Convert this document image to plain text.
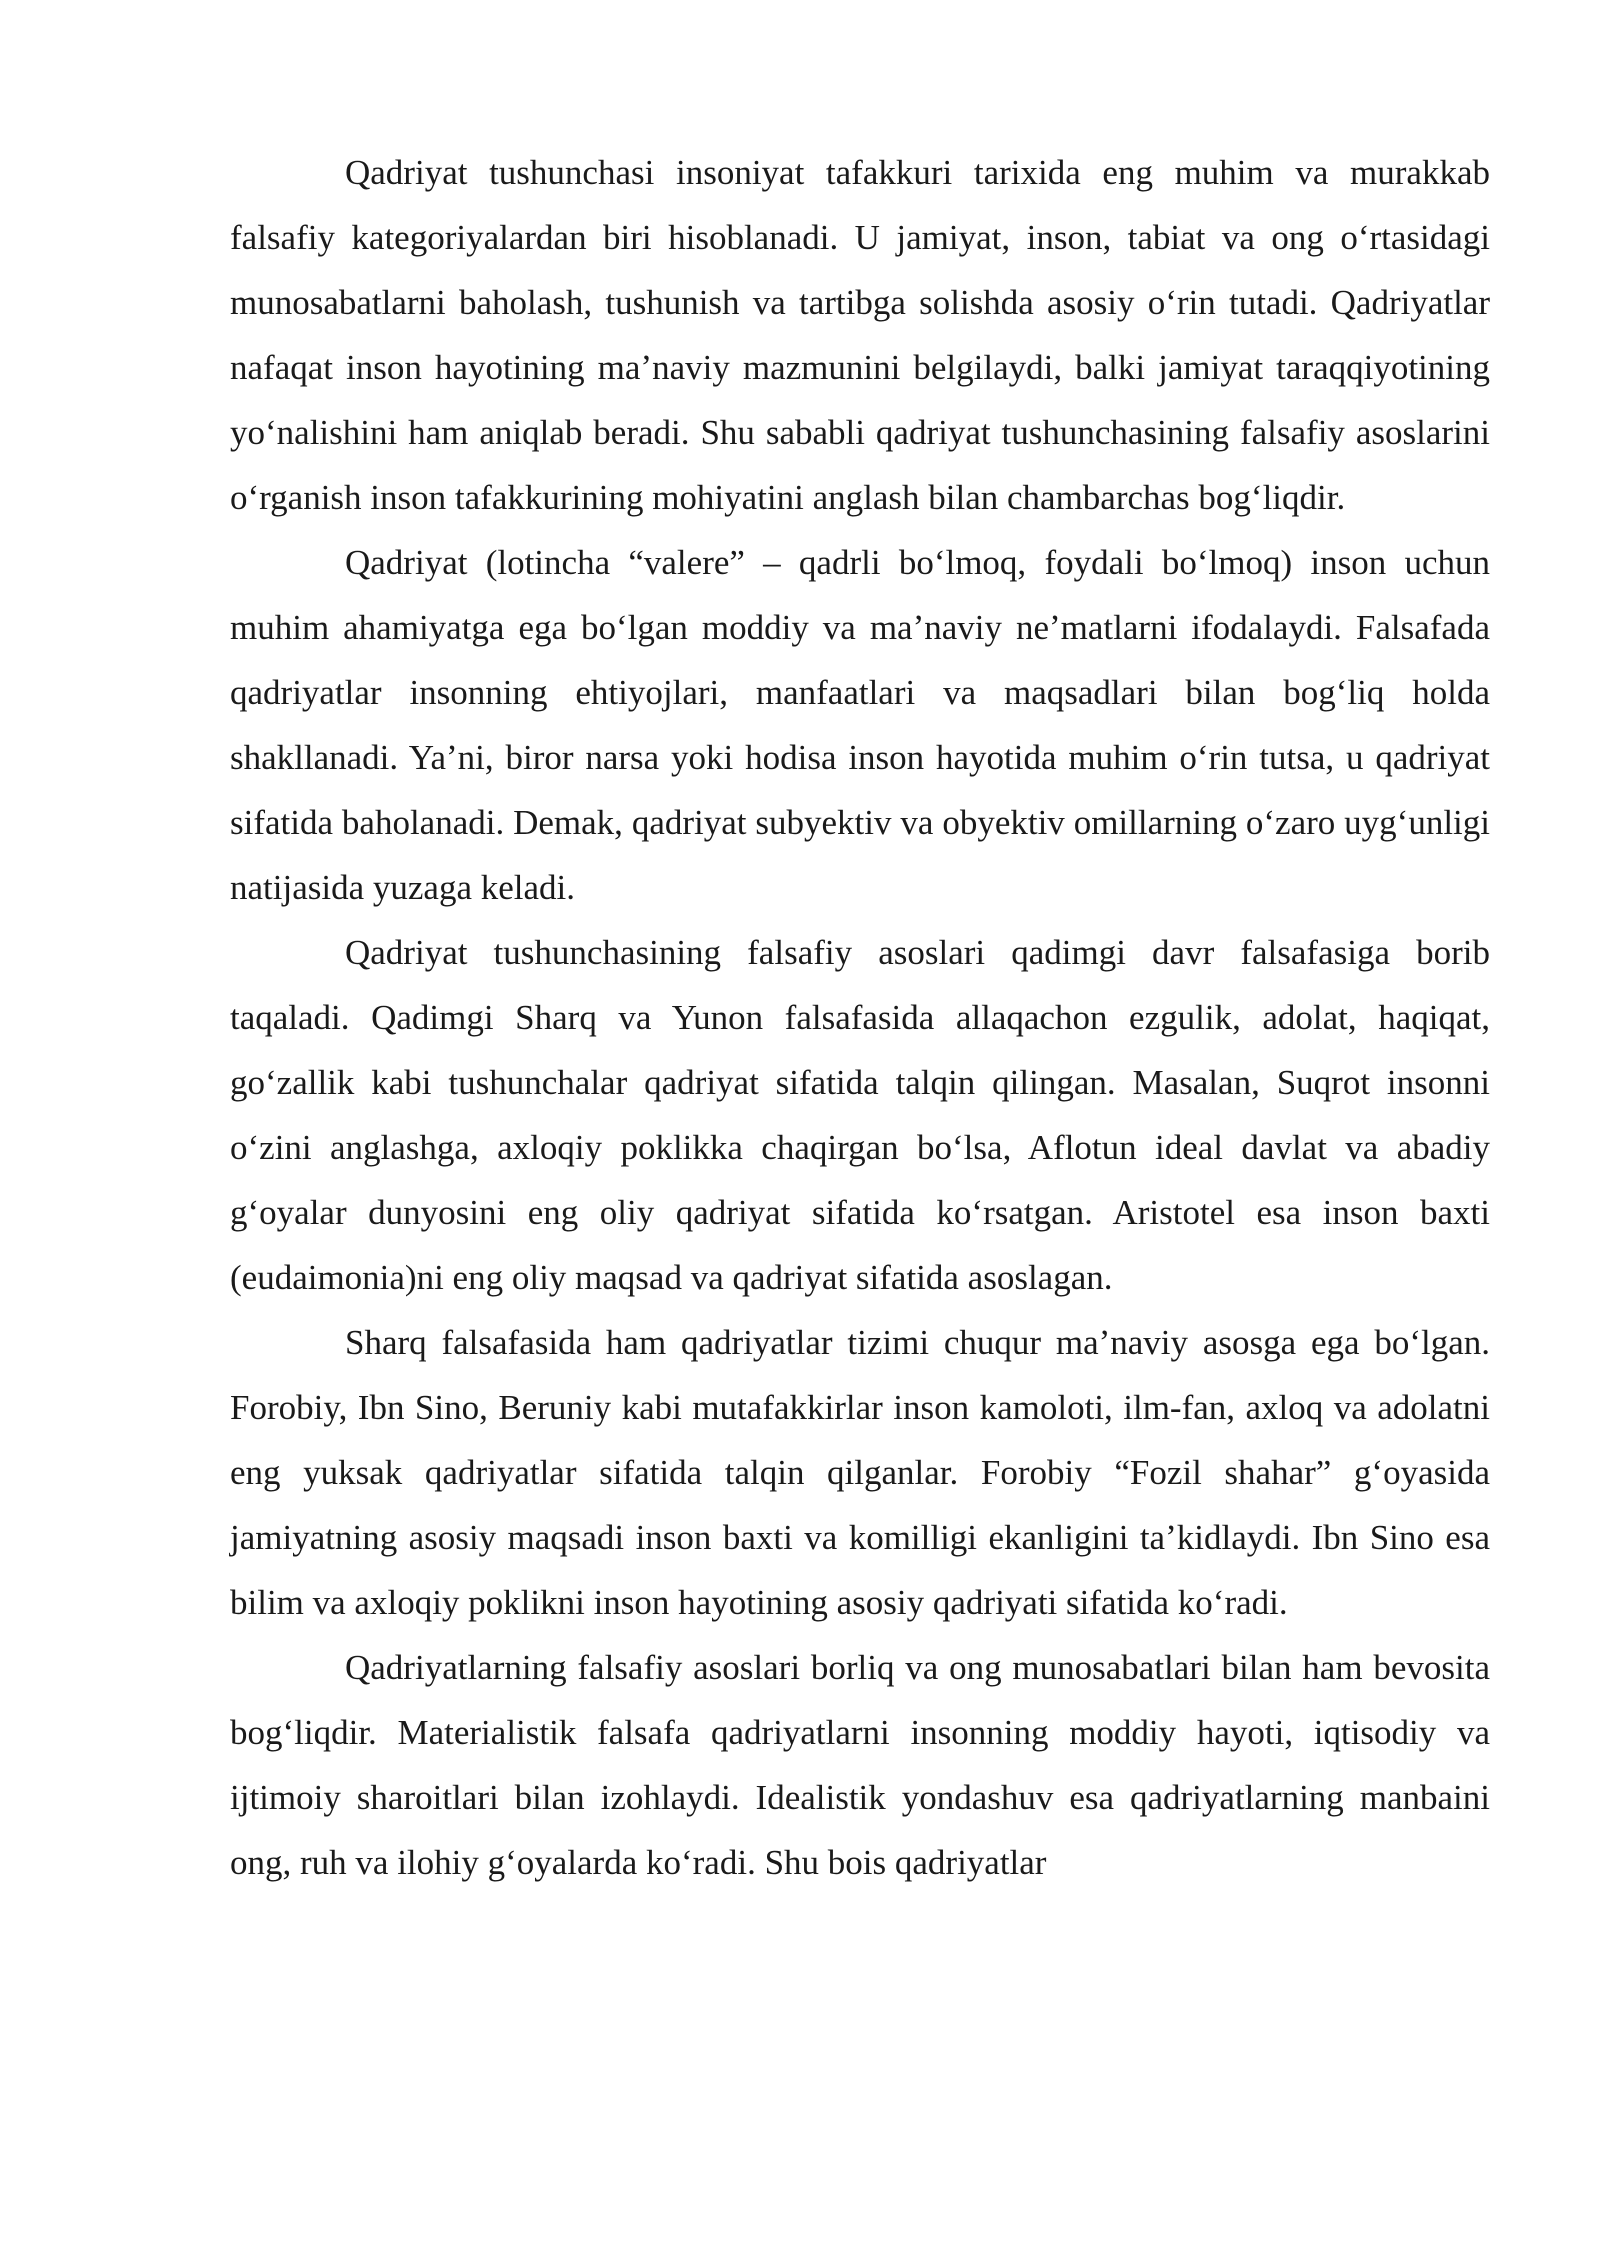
Qadriyat tushunchasi insoniyat tafakkuri tarixida eng muhim va murakkab falsafiy kategoriyalardan biri hisoblanadi. U jamiyat, inson, tabiat va ong oʻrtasidagi munosabatlarni baholash, tushunish va tartibga solishda asosiy oʻrin tutadi. Qadriyatlar nafaqat inson hayotining maʼnaviy mazmunini belgilaydi, balki jamiyat taraqqiyotining yoʻnalishini ham aniqlab beradi. Shu sababli qadriyat tushunchasining falsafiy asoslarini oʻrganish inson tafakkurining mohiyatini anglash bilan chambarchas bogʻliqdir.

Qadriyat (lotincha “valere” – qadrli boʻlmoq, foydali boʻlmoq) inson uchun muhim ahamiyatga ega boʻlgan moddiy va maʼnaviy neʼmatlarni ifodalaydi. Falsafada qadriyatlar insonning ehtiyojlari, manfaatlari va maqsadlari bilan bogʻliq holda shakllanadi. Yaʼni, biror narsa yoki hodisa inson hayotida muhim oʻrin tutsa, u qadriyat sifatida baholanadi. Demak, qadriyat subyektiv va obyektiv omillarning oʻzaro uygʻunligi natijasida yuzaga keladi.

Qadriyat tushunchasining falsafiy asoslari qadimgi davr falsafasiga borib taqaladi. Qadimgi Sharq va Yunon falsafasida allaqachon ezgulik, adolat, haqiqat, goʻzallik kabi tushunchalar qadriyat sifatida talqin qilingan. Masalan, Suqrot insonni oʻzini anglashga, axloqiy poklikka chaqirgan boʻlsa, Aflotun ideal davlat va abadiy gʻoyalar dunyosini eng oliy qadriyat sifatida koʻrsatgan. Aristotel esa inson baxti (eudaimonia)ni eng oliy maqsad va qadriyat sifatida asoslagan.

Sharq falsafasida ham qadriyatlar tizimi chuqur maʼnaviy asosga ega boʻlgan. Forobiy, Ibn Sino, Beruniy kabi mutafakkirlar inson kamoloti, ilm-fan, axloq va adolatni eng yuksak qadriyatlar sifatida talqin qilganlar. Forobiy “Fozil shahar” gʻoyasida jamiyatning asosiy maqsadi inson baxti va komilligi ekanligini taʼkidlaydi. Ibn Sino esa bilim va axloqiy poklikni inson hayotining asosiy qadriyati sifatida koʻradi.

Qadriyatlarning falsafiy asoslari borliq va ong munosabatlari bilan ham bevosita bogʻliqdir. Materialistik falsafa qadriyatlarni insonning moddiy hayoti, iqtisodiy va ijtimoiy sharoitlari bilan izohlaydi. Idealistik yondashuv esa qadriyatlarning manbaini ong, ruh va ilohiy gʻoyalarda koʻradi. Shu bois qadriyatlar
